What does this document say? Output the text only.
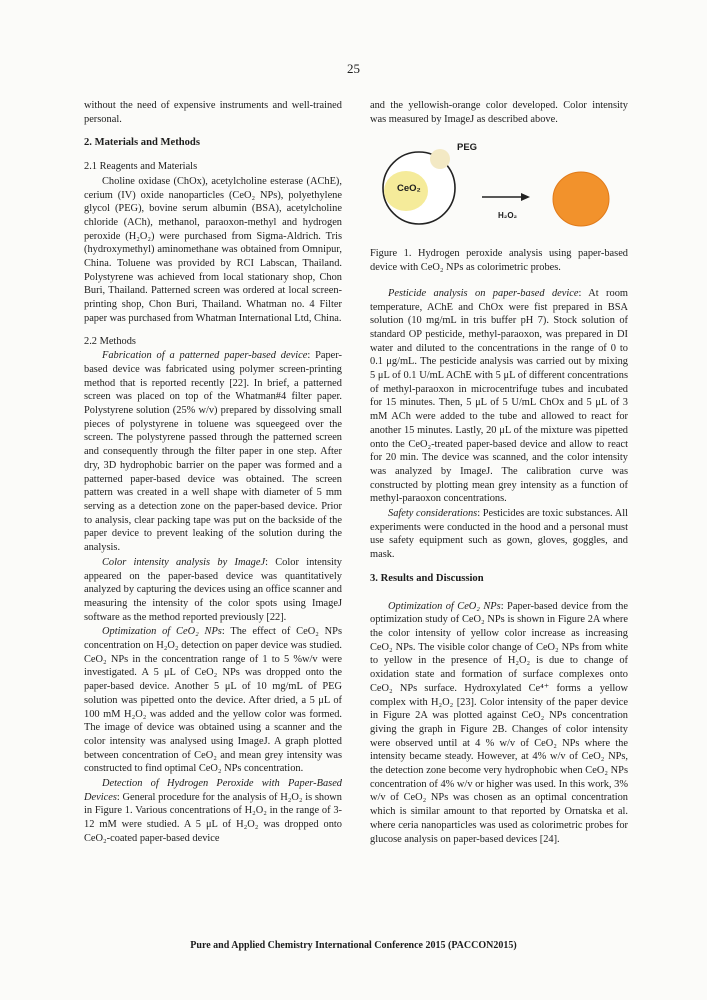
25

without the need of expensive instruments and well-trained personal.

2. Materials and Methods

2.1 Reagents and Materials

Choline oxidase (ChOx), acetylcholine esterase (AChE), cerium (IV) oxide nanoparticles (CeO₂ NPs), polyethylene glycol (PEG), bovine serum albumin (BSA), acetylcholine chloride (ACh), methanol, paraoxon-methyl and hydrogen peroxide (H₂O₂) were purchased from Sigma-Aldrich. Tris (hydroxymethyl) aminomethane was obtained from Omnipur, China. Toluene was provided by RCI Labscan, Thailand. Polystyrene was achieved from local stationary shop, Chon Buri, Thailand. Patterned screen was ordered at local screen-printing shop, Chon Buri, Thailand. Whatman no. 4 Filter paper was purchased from Whatman International Ltd, China.

2.2 Methods

Fabrication of a patterned paper-based device: Paper-based device was fabricated using polymer screen-printing method that is reported recently [22]. In brief, a patterned screen was placed on top of the Whatman#4 filter paper. Polystyrene solution (25% w/v) prepared by dissolving small pieces of polystyrene in toluene was squeegeed over the screen. The polystyrene passed through the patterned screen and consequently through the filter paper in one step. After dry, 3D hydrophobic barrier on the paper was formed and a patterned paper-based device was obtained. The screen pattern was created in a well shape with diameter of 5 mm serving as a detection zone on the paper-based device. Prior to analysis, clear packing tape was put on the backside of the paper device to prevent leaking of the solution during the analysis.

Color intensity analysis by ImageJ: Color intensity appeared on the paper-based device was quantitatively analyzed by capturing the devices using an office scanner and measuring the intensity of the color spots using ImageJ software as the method reported previously [22].

Optimization of CeO₂ NPs: The effect of CeO₂ NPs concentration on H₂O₂ detection on paper device was studied. CeO₂ NPs in the concentration range of 1 to 5 %w/v were investigated. A 5 μL of CeO₂ NPs was dropped onto the paper-based device. Another 5 μL of 10 mg/mL of PEG solution was pipetted onto the device. After dried, a 5 μL of 100 mM H₂O₂ was added and the yellow color was formed. The image of device was obtained using a scanner and the color intensity was analysed using ImageJ. A graph plotted between concentration of CeO₂ and mean grey intensity was constructed to find optimal CeO₂ NPs concentration.

Detection of Hydrogen Peroxide with Paper-Based Devices: General procedure for the analysis of H₂O₂ is shown in Figure 1. Various concentrations of H₂O₂ in the range of 3-12 mM were studied. A 5 μL of H₂O₂ was dropped onto CeO₂-coated paper-based device

and the yellowish-orange color developed. Color intensity was measured by ImageJ as described above.

PEG
CeO₂
H₂O₂

Figure 1. Hydrogen peroxide analysis using paper-based device with CeO₂ NPs as colorimetric probes.

Pesticide analysis on paper-based device: At room temperature, AChE and ChOx were fist prepared in BSA solution (10 mg/mL in tris buffer pH 7). Stock solution of standard OP pesticide, methyl-paraoxon, was prepared in DI water and diluted to the concentrations in the range of 0 to 0.1 μg/mL. The pesticide analysis was carried out by mixing 5 μL of 0.1 U/mL AChE with 5 μL of different concentrations of methyl-paraoxon in microcentrifuge tubes and incubated for 15 minutes. Then, 5 μL of 5 U/mL ChOx and 5 μL of 3 mM ACh were added to the tube and allowed to react for another 15 minutes. Lastly, 20 μL of the mixture was pipetted onto the CeO₂-treated paper-based device and allow to react for 20 min. The device was scanned, and the color intensity was analyzed by ImageJ. The calibration curve was constructed by plotting mean grey intensity as a function of methyl-paraoxon concentrations.

Safety considerations: Pesticides are toxic substances. All experiments were conducted in the hood and a personal must use safety equipment such as gown, gloves, goggles, and mask.

3. Results and Discussion

Optimization of CeO₂ NPs: Paper-based device from the optimization study of CeO₂ NPs is shown in Figure 2A where the color intensity of yellow color increase as increasing CeO₂ NPs. The visible color change of CeO₂ NPs from white to yellow in the presence of H₂O₂ is due to change of oxidation state and formation of surface complexes onto CeO₂ NPs surface. Hydroxylated Ce⁴⁺ forms a yellow complex with H₂O₂ [23]. Color intensity of the paper device in Figure 2A was plotted against CeO₂ NPs concentration giving the graph in Figure 2B. Changes of color intensity were observed until at 4 % w/v of CeO₂ NPs where the intensity became steady. However, at 4% w/v of CeO₂ NPs, the detection zone become very hydrophobic when CeO₂ NPs concentration of 4% w/v or higher was used. In this work, 3% w/v of CeO₂ NPs was chosen as an optimal concentration which is similar amount to that reported by Ornatska et al. where ceria nanoparticles was used as colorimetric probes for glucose analysis on paper-based devices [24].

Pure and Applied Chemistry International Conference 2015 (PACCON2015)
